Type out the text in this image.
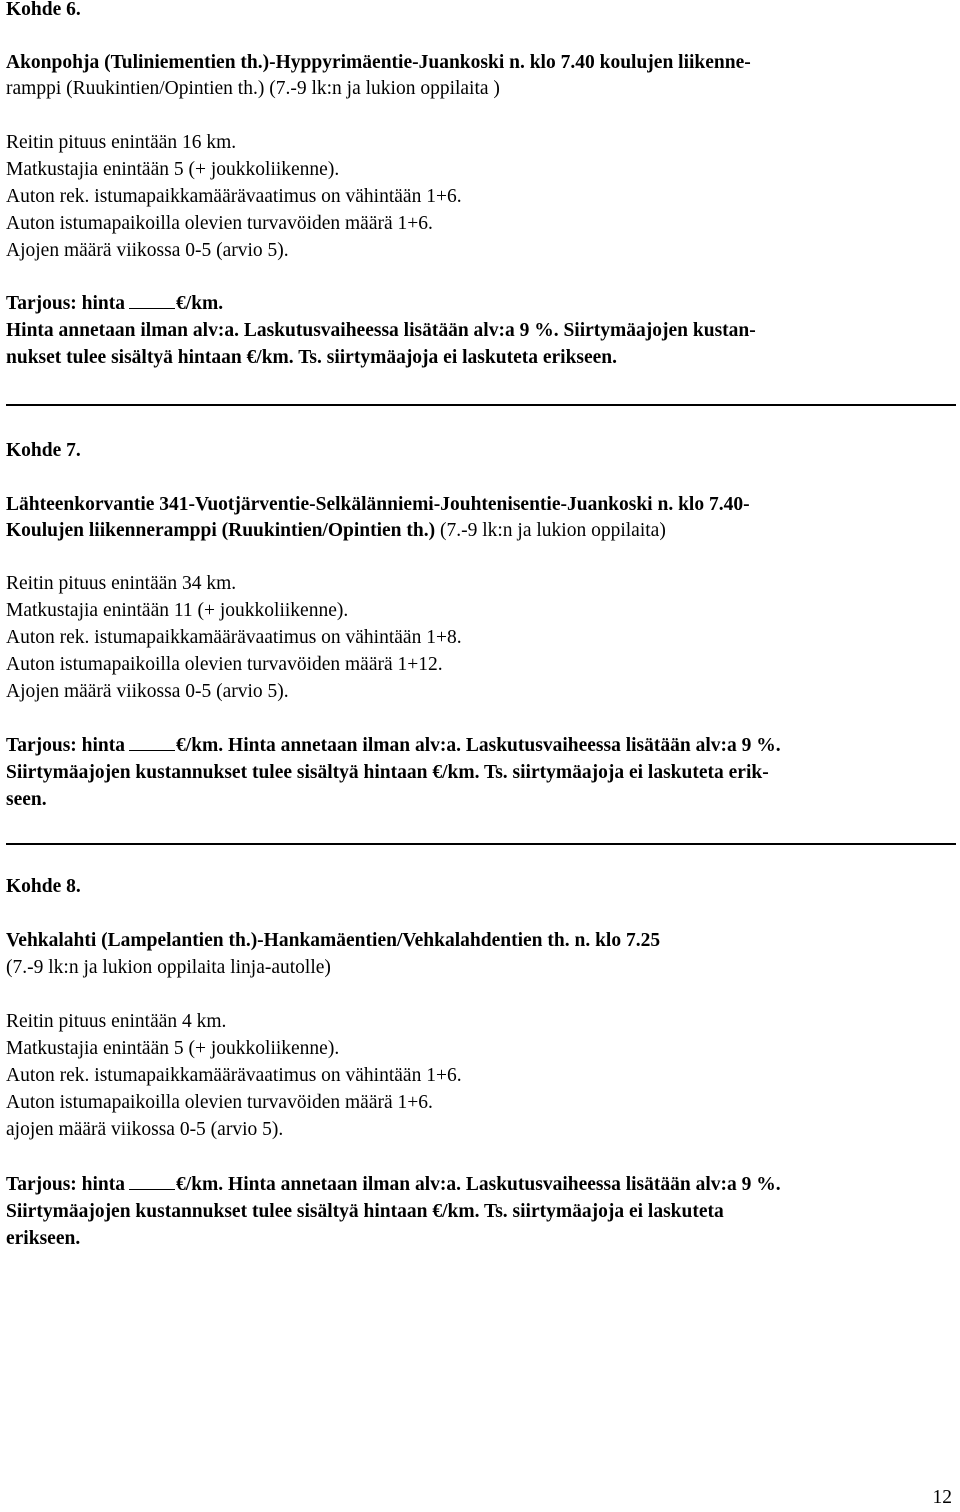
Kohde 6.
Akonpohja (Tuliniementien th.)-Hyppyrimäentie-Juankoski n. klo 7.40 koulujen liikenne-
ramppi (Ruukintien/Opintien th.) (7.-9 lk:n ja lukion oppilaita )
Reitin pituus enintään 16 km.
Matkustajia enintään 5 (+ joukkoliikenne).
Auton rek. istumapaikkamäärävaatimus on vähintään 1+6.
Auton istumapaikoilla olevien turvavöiden määrä 1+6.
Ajojen määrä viikossa 0-5 (arvio 5).
Tarjous: hinta	€/km.
Hinta annetaan ilman alv:a. Laskutusvaiheessa lisätään alv:a 9 %. Siirtymäajojen kustan-
nukset tulee sisältyä hintaan €/km. Ts. siirtymäajoja ei laskuteta erikseen.
Kohde 7.
Lähteenkorvantie 341-Vuotjärventie-Selkälänniemi-Jouhtenisentie-Juankoski n. klo 7.40-
Koulujen liikenneramppi (Ruukintien/Opintien th.) (7.-9 lk:n ja lukion oppilaita)
Reitin pituus enintään 34 km.
Matkustajia enintään 11 (+ joukkoliikenne).
Auton rek. istumapaikkamäärävaatimus on vähintään 1+8.
Auton istumapaikoilla olevien turvavöiden määrä 1+12.
Ajojen määrä viikossa 0-5 (arvio 5).
Tarjous: hinta	€/km. Hinta annetaan ilman alv:a. Laskutusvaiheessa lisätään alv:a 9 %.
Siirtymäajojen kustannukset tulee sisältyä hintaan €/km. Ts. siirtymäajoja ei laskuteta erik-
seen.
Kohde 8.
Vehkalahti (Lampelantien th.)-Hankamäentien/Vehkalahdentien th. n. klo 7.25
(7.-9 lk:n ja lukion oppilaita linja-autolle)
Reitin pituus enintään 4 km.
Matkustajia enintään 5 (+ joukkoliikenne).
Auton rek. istumapaikkamäärävaatimus on vähintään 1+6.
Auton istumapaikoilla olevien turvavöiden määrä 1+6.
ajojen määrä viikossa 0-5 (arvio 5).
Tarjous: hinta	€/km. Hinta annetaan ilman alv:a. Laskutusvaiheessa lisätään alv:a 9 %.
Siirtymäajojen kustannukset tulee sisältyä hintaan €/km. Ts. siirtymäajoja ei laskuteta
erikseen.
12
